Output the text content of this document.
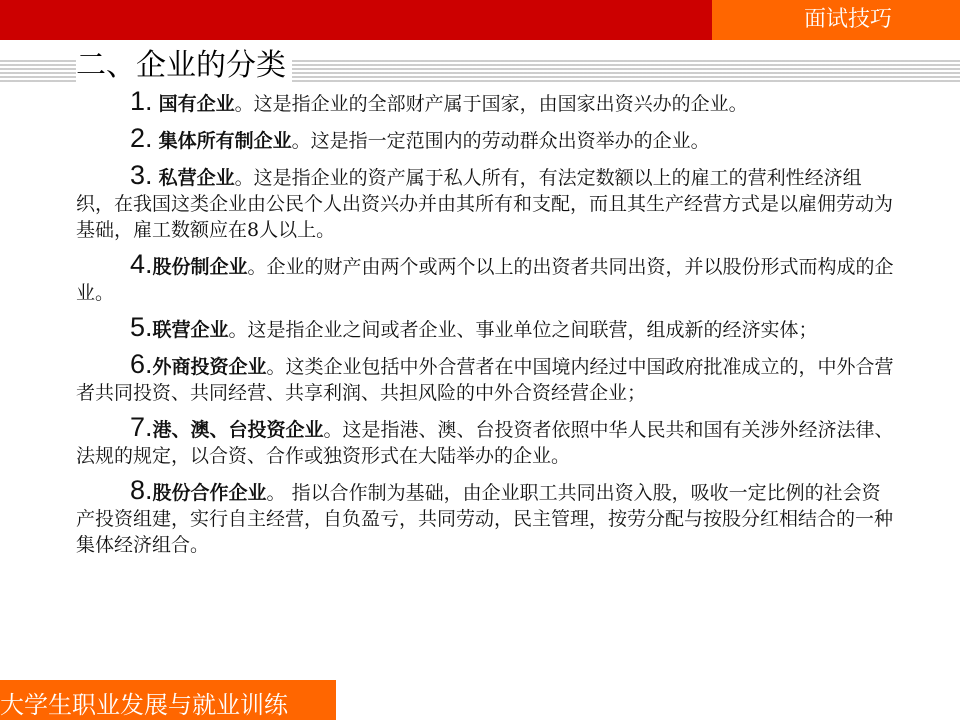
面试技巧
二、企业的分类

1. 国有企业。这是指企业的全部财产属于国家，由国家出资兴办的企业。

2. 集体所有制企业。这是指一定范围内的劳动群众出资举办的企业。

3. 私营企业。这是指企业的资产属于私人所有，有法定数额以上的雇工的营利性经济组织，在我国这类企业由公民个人出资兴办并由其所有和支配，而且其生产经营方式是以雇佣劳动为基础，雇工数额应在8人以上。

4.股份制企业。企业的财产由两个或两个以上的出资者共同出资，并以股份形式而构成的企业。

5.联营企业。这是指企业之间或者企业、事业单位之间联营，组成新的经济实体；

6.外商投资企业。这类企业包括中外合营者在中国境内经过中国政府批准成立的，中外合营者共同投资、共同经营、共享利润、共担风险的中外合资经营企业；

7.港、澳、台投资企业。这是指港、澳、台投资者依照中华人民共和国有关涉外经济法律、法规的规定，以合资、合作或独资形式在大陆举办的企业。

8.股份合作企业。 指以合作制为基础，由企业职工共同出资入股，吸收一定比例的社会资产投资组建，实行自主经营，自负盈亏，共同劳动，民主管理，按劳分配与按股分红相结合的一种集体经济组合。

大学生职业发展与就业训练
